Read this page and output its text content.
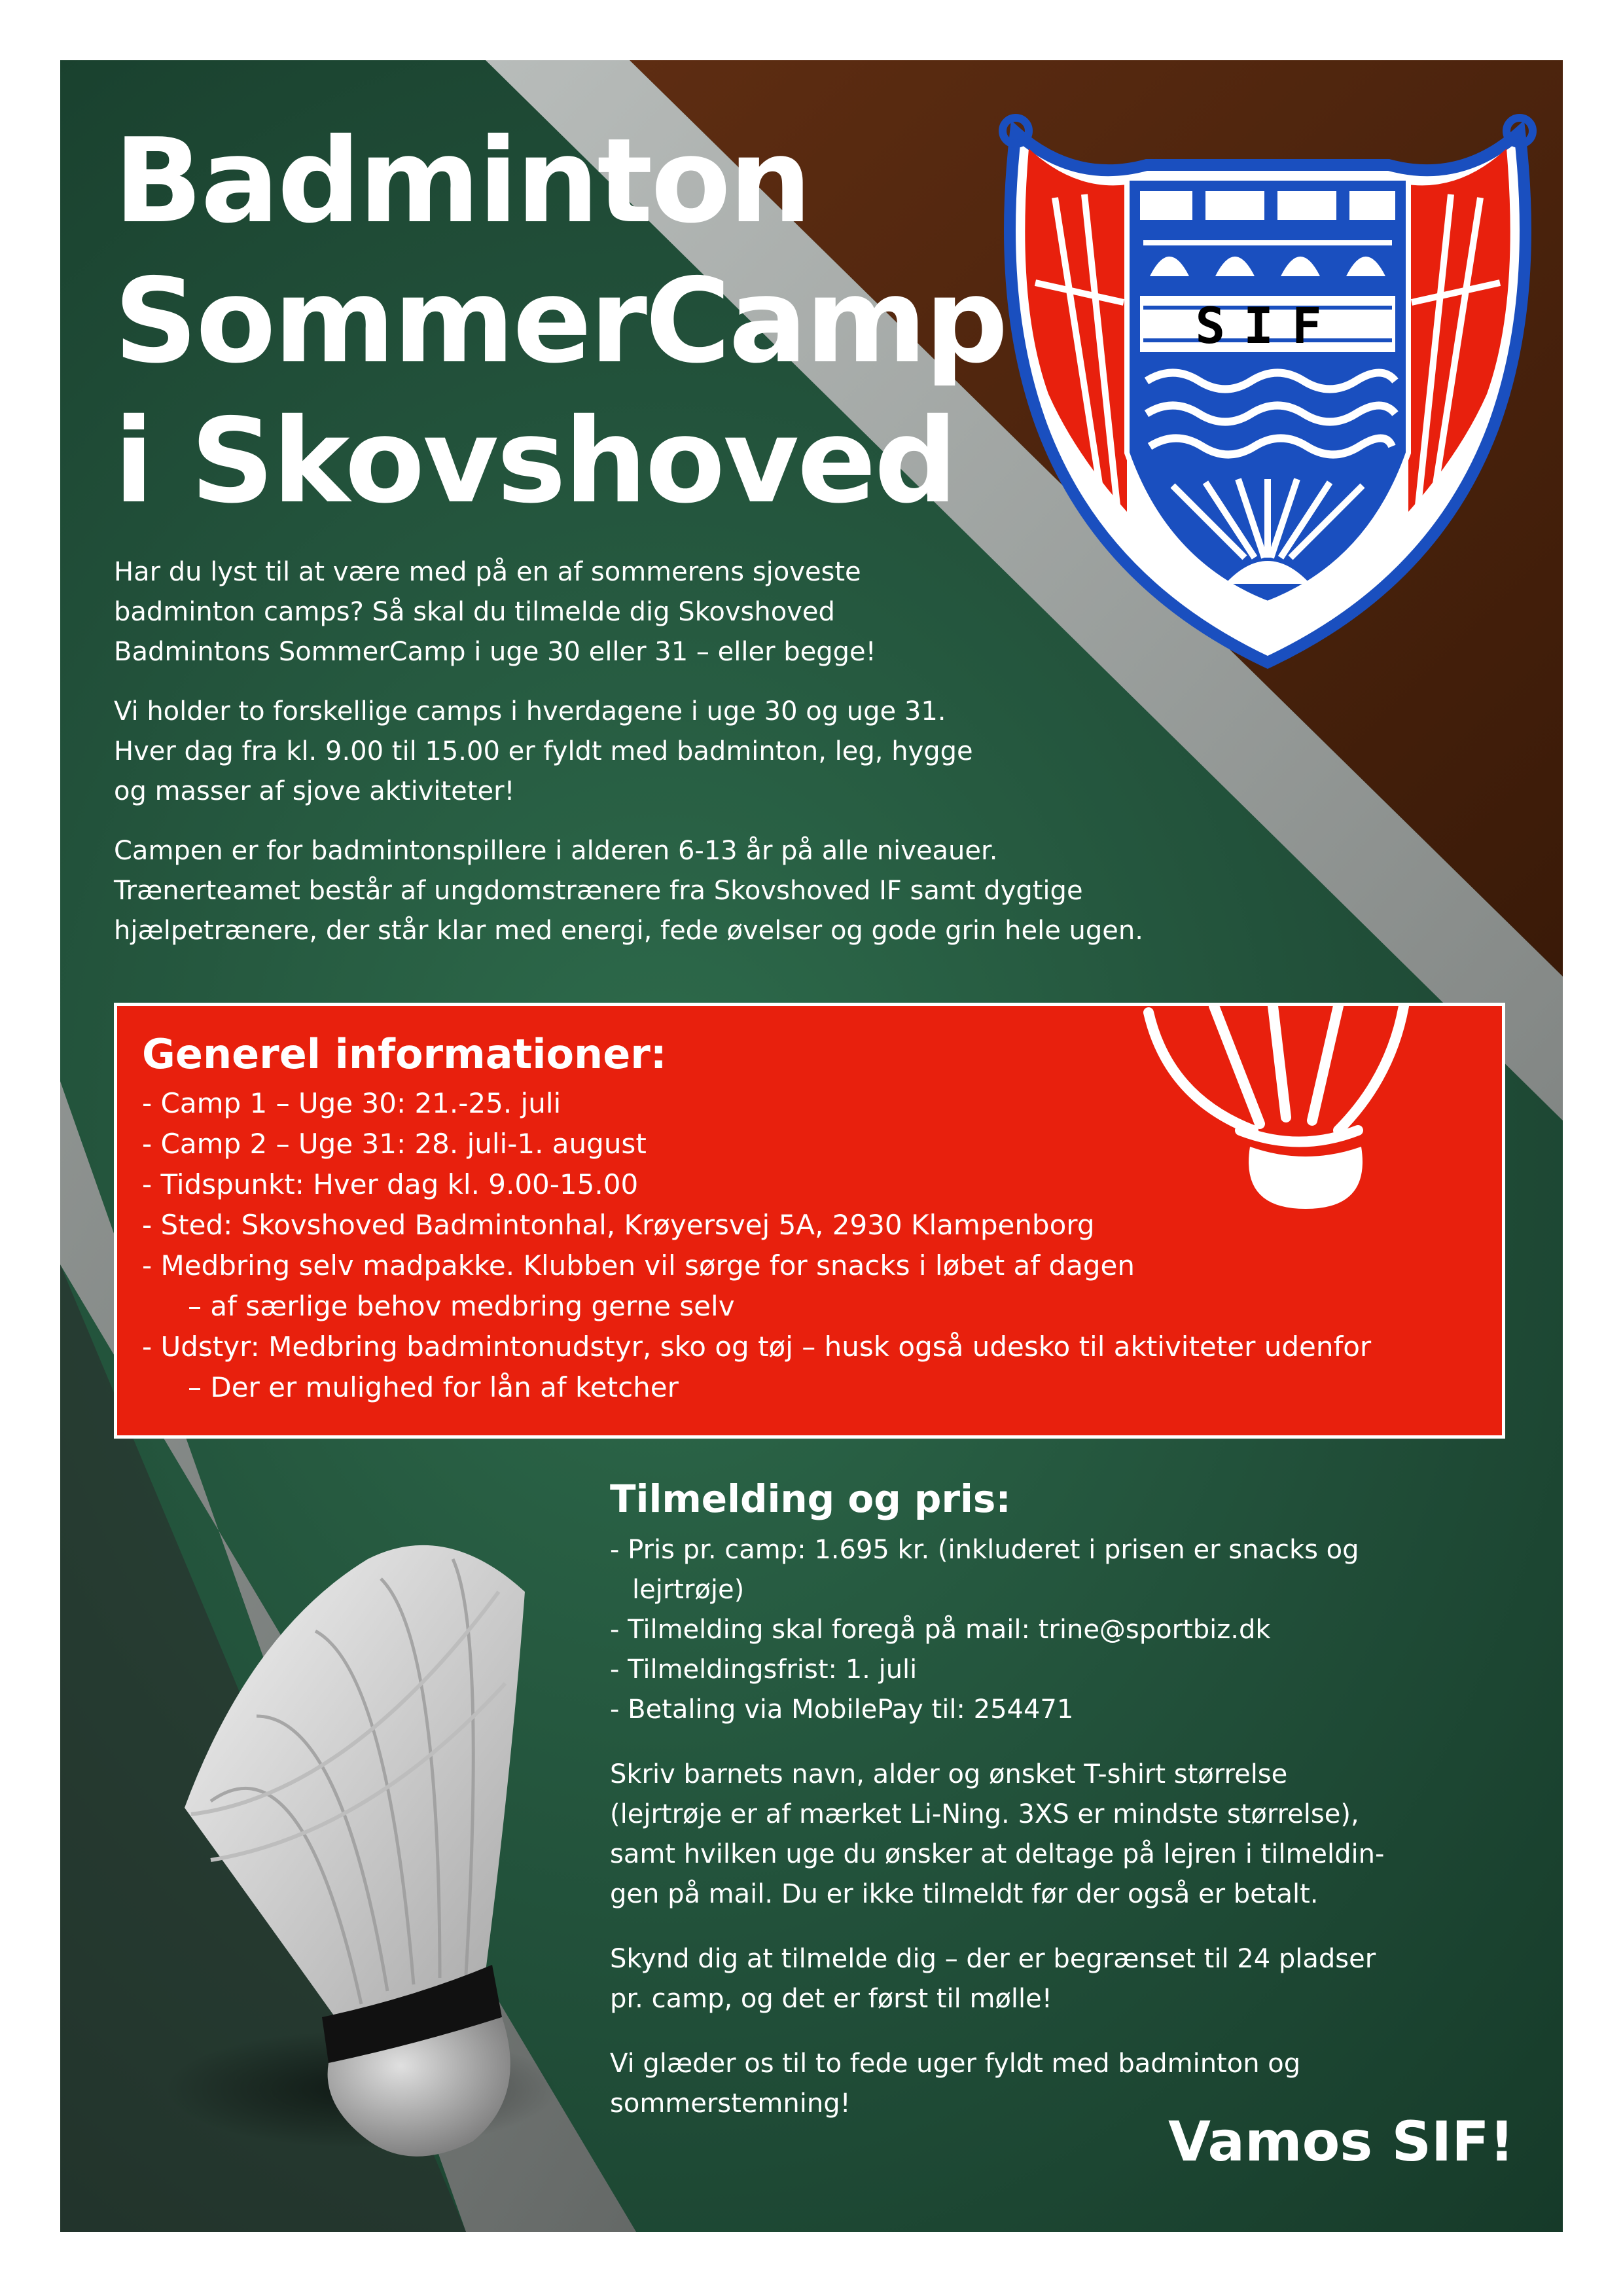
Badminton
SommerCamp
i Skovshoved

Har du lyst til at være med på en af sommerens sjoveste
badminton camps? Så skal du tilmelde dig Skovshoved
Badmintons SommerCamp i uge 30 eller 31 – eller begge!

Vi holder to forskellige camps i hverdagene i uge 30 og uge 31.
Hver dag fra kl. 9.00 til 15.00 er fyldt med badminton, leg, hygge
og masser af sjove aktiviteter!

Campen er for badmintonspillere i alderen 6-13 år på alle niveauer.
Trænerteamet består af ungdomstrænere fra Skovshoved IF samt dygtige
hjælpetrænere, der står klar med energi, fede øvelser og gode grin hele ugen.

Generel informationer:
- Camp 1 – Uge 30: 21.-25. juli
- Camp 2 – Uge 31: 28. juli-1. august
- Tidspunkt: Hver dag kl. 9.00-15.00
- Sted: Skovshoved Badmintonhal, Krøyersvej 5A, 2930 Klampenborg
- Medbring selv madpakke. Klubben vil sørge for snacks i løbet af dagen
– af særlige behov medbring gerne selv
- Udstyr: Medbring badmintonudstyr, sko og tøj – husk også udesko til aktiviteter udenfor
– Der er mulighed for lån af ketcher
Tilmelding og pris:
- Pris pr. camp: 1.695 kr. (inkluderet i prisen er snacks og
lejrtrøje)
- Tilmelding skal foregå på mail: trine@sportbiz.dk
- Tilmeldingsfrist: 1. juli
- Betaling via MobilePay til: 254471

Skriv barnets navn, alder og ønsket T-shirt størrelse
(lejrtrøje er af mærket Li-Ning. 3XS er mindste størrelse),
samt hvilken uge du ønsker at deltage på lejren i tilmeldin-
gen på mail. Du er ikke tilmeldt før der også er betalt.

Skynd dig at tilmelde dig – der er begrænset til 24 pladser
pr. camp, og det er først til mølle!

Vi glæder os til to fede uger fyldt med badminton og
sommerstemning!

Vamos SIF!
SIF
